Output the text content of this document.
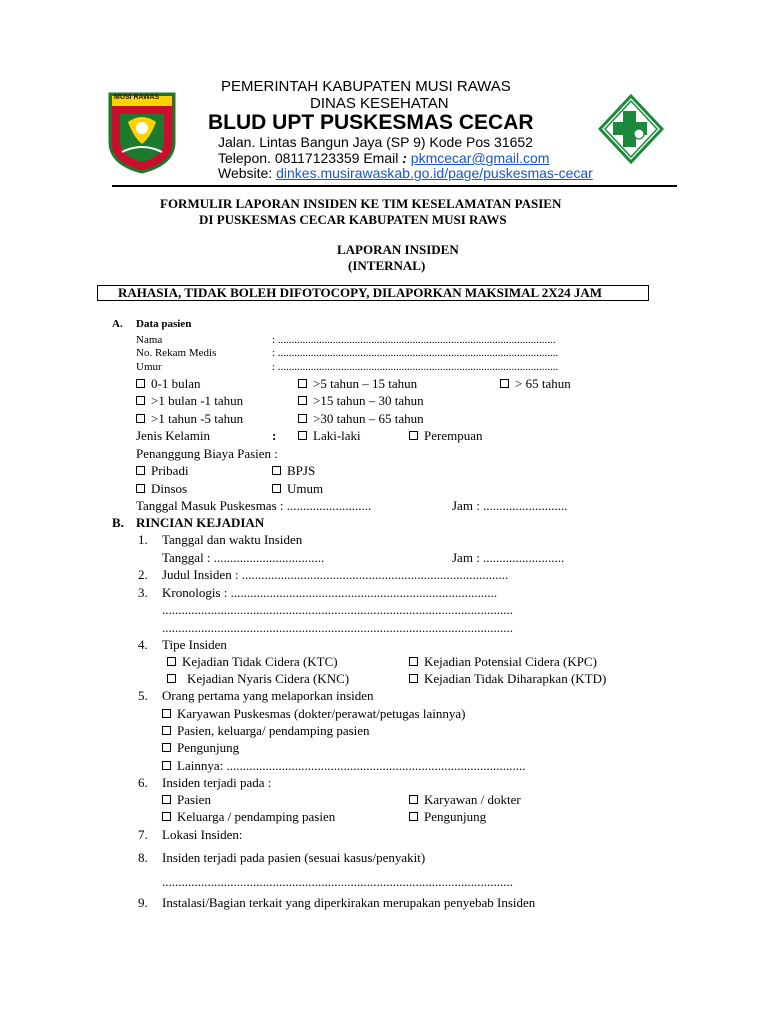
MUSI RAWAS
PEMERINTAH KABUPATEN MUSI RAWAS
DINAS KESEHATAN
BLUD UPT PUSKESMAS CECAR
Jalan. Lintas Bangun Jaya (SP 9) Kode Pos 31652
Telepon. 08117123359 Email : pkmcecar@gmail.com
Website: dinkes.musirawaskab.go.id/page/puskesmas-cecar
FORMULIR LAPORAN INSIDEN KE TIM KESELAMATAN PASIEN
DI PUSKESMAS CECAR KABUPATEN MUSI RAWS
LAPORAN INSIDEN
(INTERNAL)
RAHASIA, TIDAK BOLEH DIFOTOCOPY, DILAPORKAN MAKSIMAL 2X24 JAM
A. Data pasien
Nama	: .....................................................................................................
No. Rekam Medis	: ......................................................................................................
Umur	: ......................................................................................................
0-1 bulan	>5 tahun – 15 tahun	> 65 tahun
>1 bulan -1 tahun	>15 tahun – 30 tahun
>1 tahun -5 tahun	>30 tahun – 65 tahun
Jenis Kelamin	:	Laki-laki	Perempuan
Penanggung Biaya Pasien :
Pribadi	BPJS
Dinsos	Umum
Tanggal Masuk Puskesmas : ..........................	Jam : ..........................
B. RINCIAN KEJADIAN
1. Tanggal dan waktu Insiden
Tanggal : ..................................	Jam : .........................
2. Judul Insiden : ..................................................................................
3. Kronologis : ..................................................................................
............................................................................................................
............................................................................................................
4. Tipe Insiden
Kejadian Tidak Cidera (KTC)	Kejadian Potensial Cidera (KPC)
Kejadian Nyaris Cidera (KNC)	Kejadian Tidak Diharapkan (KTD)
5. Orang pertama yang melaporkan insiden
Karyawan Puskesmas (dokter/perawat/petugas lainnya)
Pasien, keluarga/ pendamping pasien
Pengunjung
Lainnya: ............................................................................................
6. Insiden terjadi pada :
Pasien	Karyawan / dokter
Keluarga / pendamping pasien	Pengunjung
7. Lokasi Insiden:
8. Insiden terjadi pada pasien (sesuai kasus/penyakit)
............................................................................................................
9. Instalasi/Bagian terkait yang diperkirakan merupakan penyebab Insiden
